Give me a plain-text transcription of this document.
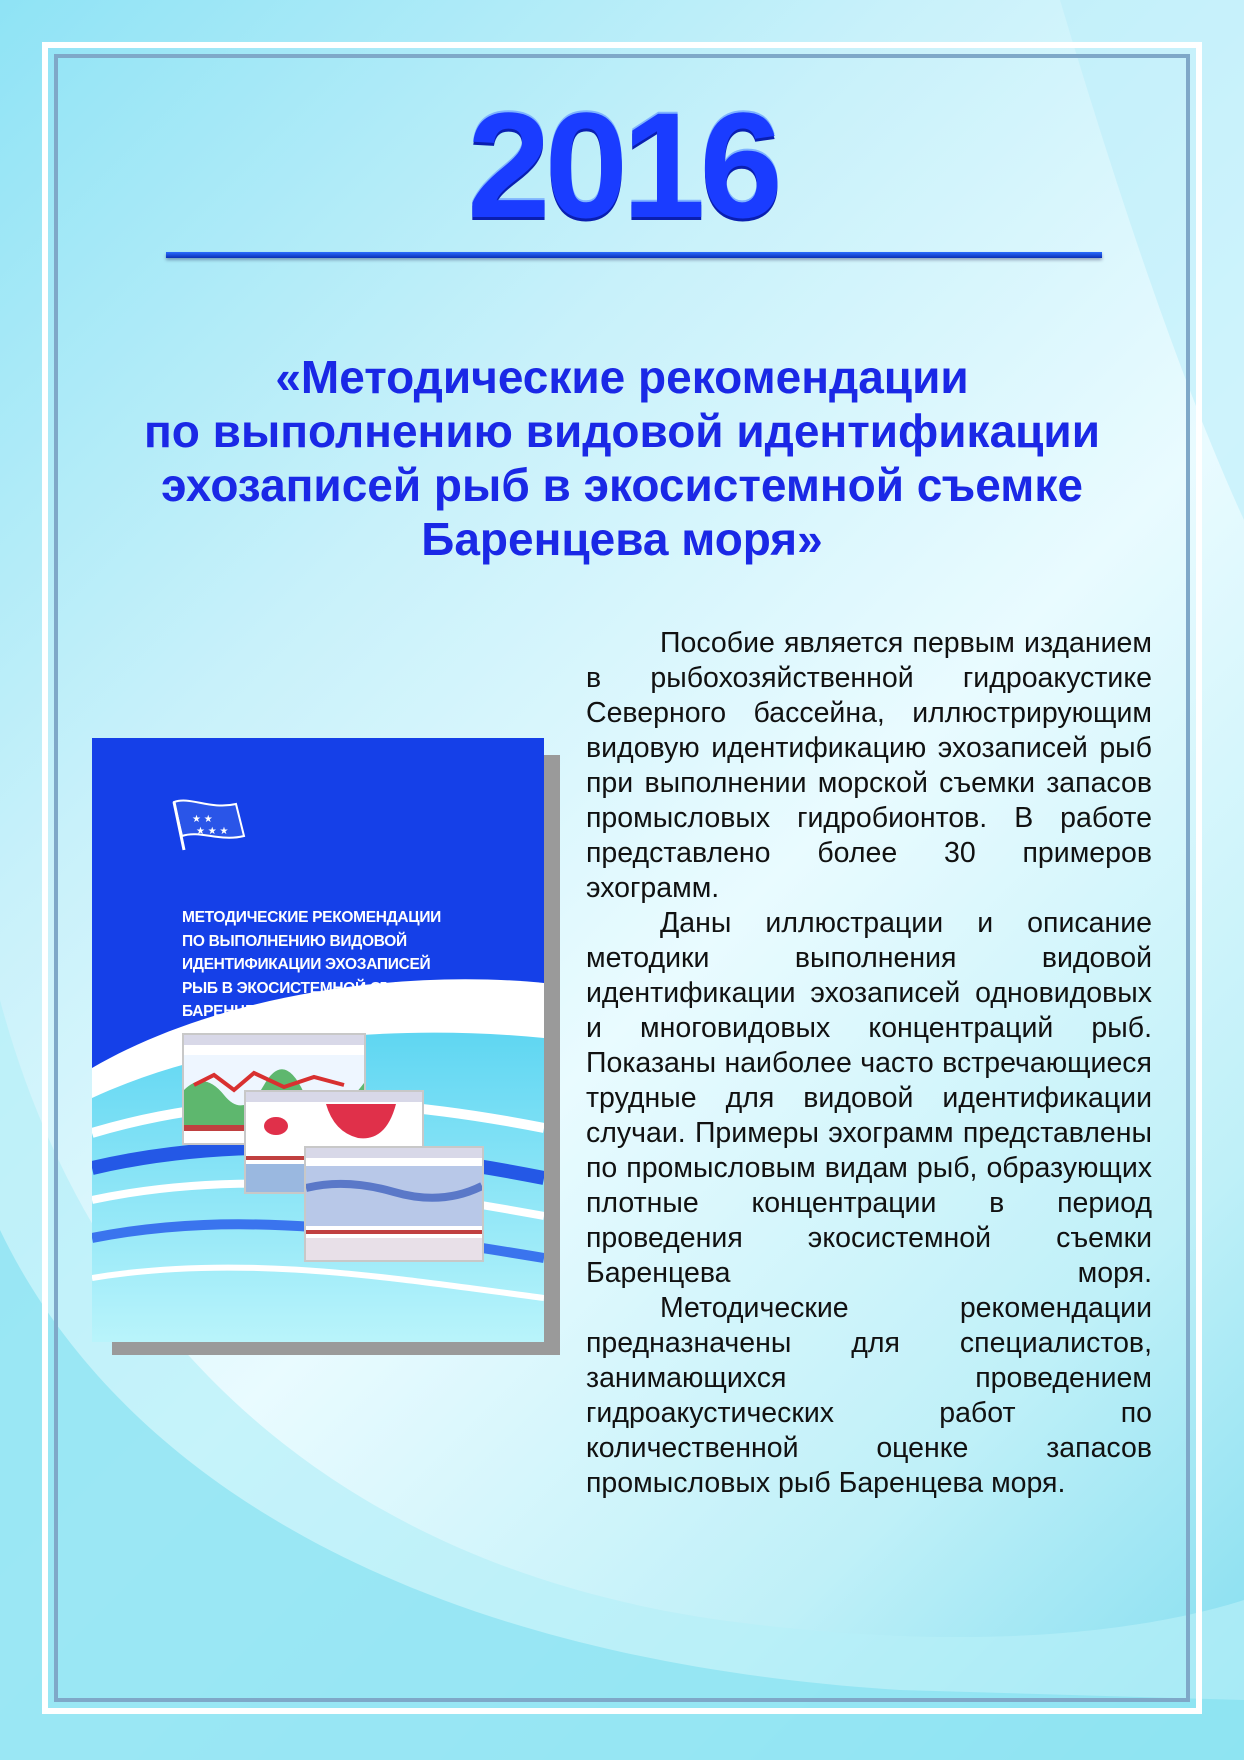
2016
«Методические рекомендации
по выполнению видовой идентификации
эхозаписей рыб в экосистемной съемке
Баренцева моря»
★ ★
★ ★ ★
МЕТОДИЧЕСКИЕ РЕКОМЕНДАЦИИ
ПО ВЫПОЛНЕНИЮ ВИДОВОЙ
ИДЕНТИФИКАЦИИ ЭХОЗАПИСЕЙ
РЫБ В ЭКОСИСТЕМНОЙ СЪЕМКЕ
БАРЕНЦЕВА МОРЯ

Пособие является первым изданием в рыбохозяйственной гидроакустике Северного бассейна, иллюстрирующим видовую идентификацию эхозаписей рыб при выполнении морской съемки запасов промысловых гидробионтов. В работе представлено более 30 примеров эхограмм.

Даны иллюстрации и описание методики выполнения видовой идентификации эхозаписей одновидовых и многовидовых концентраций рыб. Показаны наиболее часто встречающиеся трудные для видовой идентификации случаи. Примеры эхограмм представлены по промысловым видам рыб, образующих плотные концентрации в период проведения экосистемной съемки Баренцева моря.

Методические рекомендации предназначены для специалистов, занимающихся проведением гидроакустических работ по количественной оценке запасов промысловых рыб Баренцева моря.
